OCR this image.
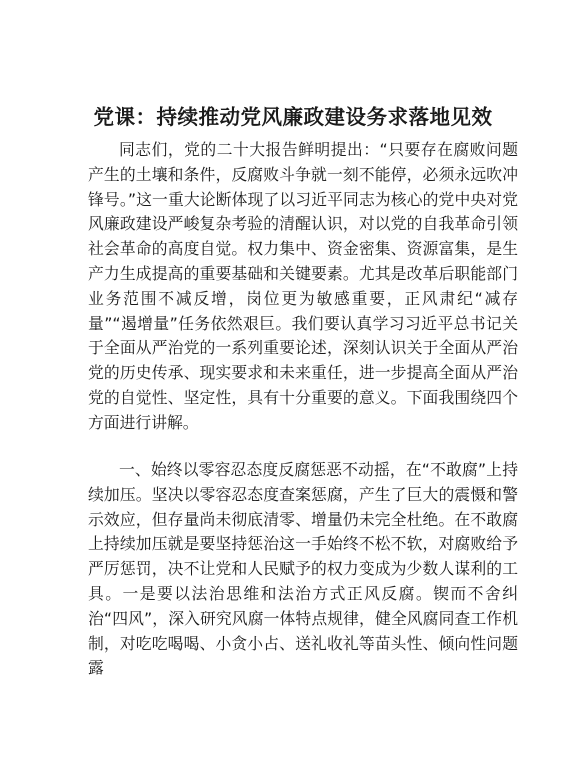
党课：持续推动党风廉政建设务求落地见效

同志们，党的二十大报告鲜明提出：“只要存在腐败问题产生的土壤和条件，反腐败斗争就一刻不能停，必须永远吹冲锋号。”这一重大论断体现了以习近平同志为核心的党中央对党风廉政建设严峻复杂考验的清醒认识，对以党的自我革命引领社会革命的高度自觉。权力集中、资金密集、资源富集，是生产力生成提高的重要基础和关键要素。尤其是改革后职能部门业务范围不减反增，岗位更为敏感重要，正风肃纪“减存量”“遏增量”任务依然艰巨。我们要认真学习习近平总书记关于全面从严治党的一系列重要论述，深刻认识关于全面从严治党的历史传承、现实要求和未来重任，进一步提高全面从严治党的自觉性、坚定性，具有十分重要的意义。下面我围绕四个方面进行讲解。

一、始终以零容忍态度反腐惩恶不动摇，在“不敢腐”上持续加压。坚决以零容忍态度查案惩腐，产生了巨大的震慑和警示效应，但存量尚未彻底清零、增量仍未完全杜绝。在不敢腐上持续加压就是要坚持惩治这一手始终不松不软，对腐败给予严厉惩罚，决不让党和人民赋予的权力变成为少数人谋利的工具。一是要以法治思维和法治方式正风反腐。锲而不舍纠治“四风”，深入研究风腐一体特点规律，健全风腐同查工作机制，对吃吃喝喝、小贪小占、送礼收礼等苗头性、倾向性问题露
